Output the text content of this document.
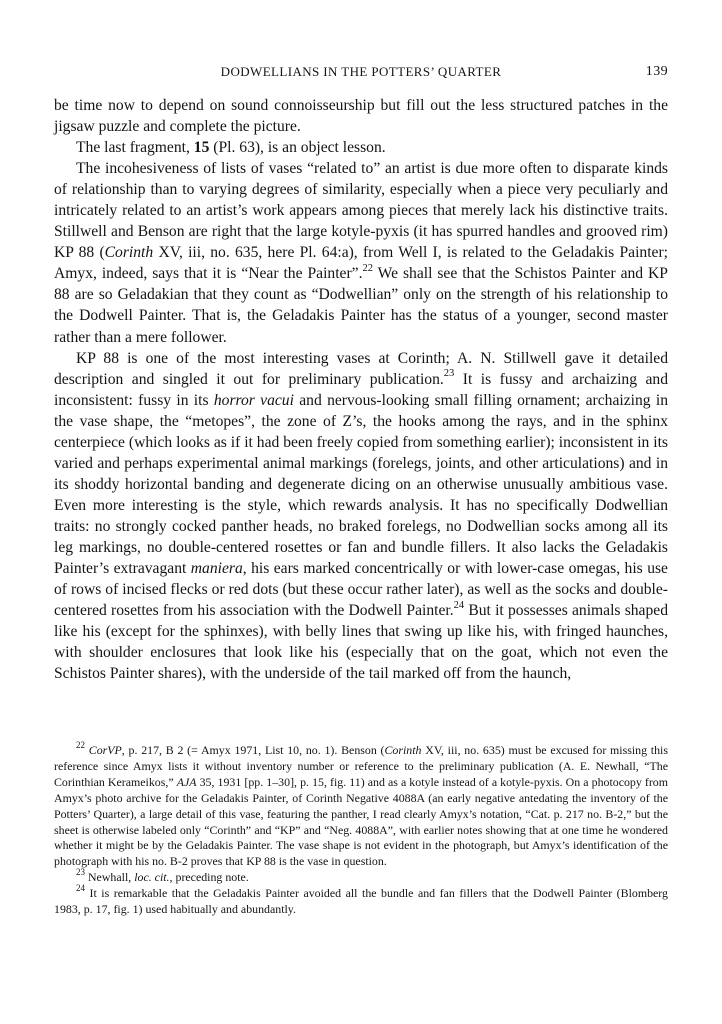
DODWELLIANS IN THE POTTERS’ QUARTER	139

be time now to depend on sound connoisseurship but fill out the less structured patches in the jigsaw puzzle and complete the picture.

The last fragment, 15 (Pl. 63), is an object lesson.

The incohesiveness of lists of vases “related to” an artist is due more often to disparate kinds of relationship than to varying degrees of similarity, especially when a piece very peculiarly and intricately related to an artist’s work appears among pieces that merely lack his distinctive traits. Stillwell and Benson are right that the large kotyle-pyxis (it has spurred handles and grooved rim) KP 88 (Corinth XV, iii, no. 635, here Pl. 64:a), from Well I, is related to the Geladakis Painter; Amyx, indeed, says that it is “Near the Painter”.$^{22}$ We shall see that the Schistos Painter and KP 88 are so Geladakian that they count as “Dodwellian” only on the strength of his relationship to the Dodwell Painter. That is, the Geladakis Painter has the status of a younger, second master rather than a mere follower.

KP 88 is one of the most interesting vases at Corinth; A. N. Stillwell gave it detailed description and singled it out for preliminary publication.$^{23}$ It is fussy and archaizing and inconsistent: fussy in its horror vacui and nervous-looking small filling ornament; archaizing in the vase shape, the “metopes”, the zone of Z’s, the hooks among the rays, and in the sphinx centerpiece (which looks as if it had been freely copied from something earlier); inconsistent in its varied and perhaps experimental animal markings (forelegs, joints, and other articulations) and in its shoddy horizontal banding and degenerate dicing on an otherwise unusually ambitious vase. Even more interesting is the style, which rewards analysis. It has no specifically Dodwellian traits: no strongly cocked panther heads, no braked forelegs, no Dodwellian socks among all its leg markings, no double-centered rosettes or fan and bundle fillers. It also lacks the Geladakis Painter’s extravagant maniera, his ears marked concentrically or with lower-case omegas, his use of rows of incised flecks or red dots (but these occur rather later), as well as the socks and double-centered rosettes from his association with the Dodwell Painter.$^{24}$ But it possesses animals shaped like his (except for the sphinxes), with belly lines that swing up like his, with fringed haunches, with shoulder enclosures that look like his (especially that on the goat, which not even the Schistos Painter shares), with the underside of the tail marked off from the haunch,

$^{22}$ CorVP, p. 217, B 2 (= Amyx 1971, List 10, no. 1). Benson (Corinth XV, iii, no. 635) must be excused for missing this reference since Amyx lists it without inventory number or reference to the preliminary publication (A. E. Newhall, “The Corinthian Kerameikos,” AJA 35, 1931 [pp. 1–30], p. 15, fig. 11) and as a kotyle instead of a kotyle-pyxis. On a photocopy from Amyx’s photo archive for the Geladakis Painter, of Corinth Negative 4088A (an early negative antedating the inventory of the Potters’ Quarter), a large detail of this vase, featuring the panther, I read clearly Amyx’s notation, “Cat. p. 217 no. B-2,” but the sheet is otherwise labeled only “Corinth” and “KP” and “Neg. 4088A”, with earlier notes showing that at one time he wondered whether it might be by the Geladakis Painter. The vase shape is not evident in the photograph, but Amyx’s identification of the photograph with his no. B-2 proves that KP 88 is the vase in question.

$^{23}$ Newhall, loc. cit., preceding note.

$^{24}$ It is remarkable that the Geladakis Painter avoided all the bundle and fan fillers that the Dodwell Painter (Blomberg 1983, p. 17, fig. 1) used habitually and abundantly.
